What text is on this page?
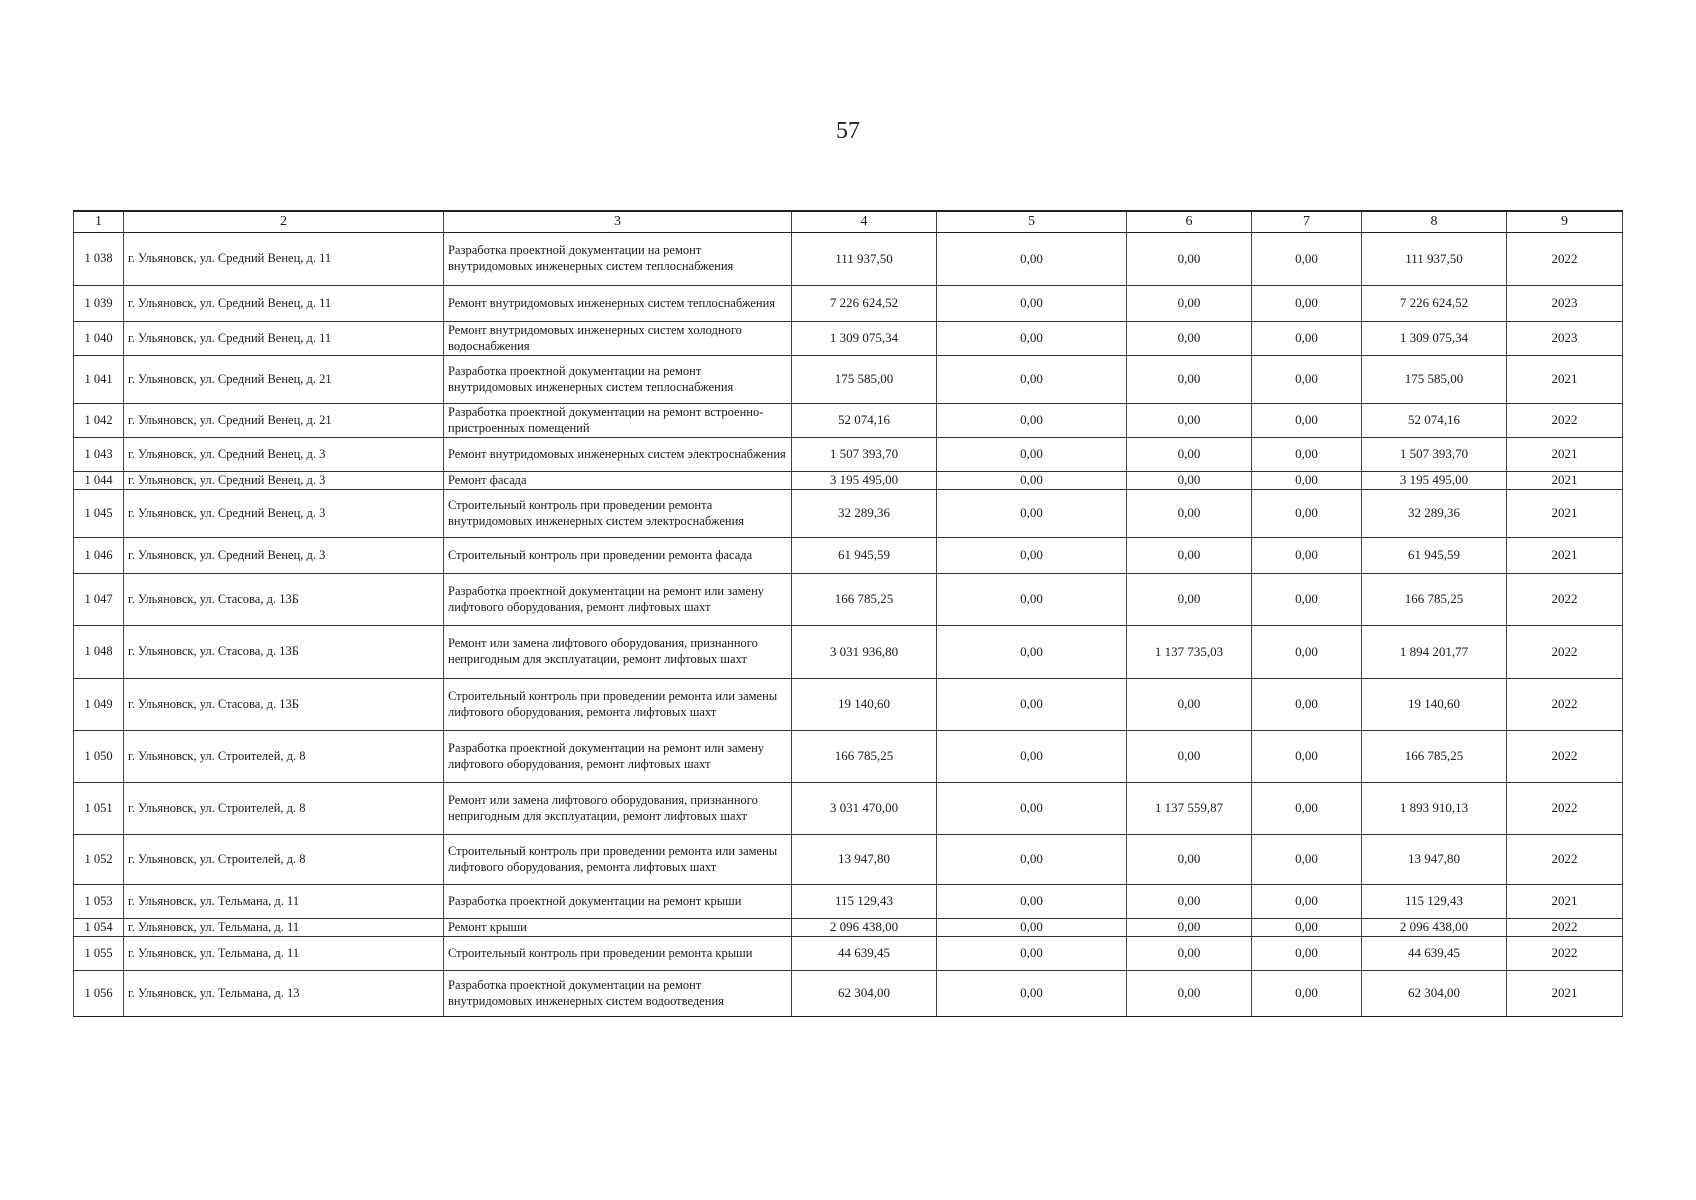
57
1	2	3	4	5	6	7	8	9
1 038	г. Ульяновск, ул. Средний Венец, д. 11	Разработка проектной документации на ремонт внутридомовых инженерных систем теплоснабжения	111 937,50	0,00	0,00	0,00	111 937,50	2022
1 039	г. Ульяновск, ул. Средний Венец, д. 11	Ремонт внутридомовых инженерных систем теплоснабжения	7 226 624,52	0,00	0,00	0,00	7 226 624,52	2023
1 040	г. Ульяновск, ул. Средний Венец, д. 11	Ремонт внутридомовых инженерных систем холодного водоснабжения	1 309 075,34	0,00	0,00	0,00	1 309 075,34	2023
1 041	г. Ульяновск, ул. Средний Венец, д. 21	Разработка проектной документации на ремонт внутридомовых инженерных систем теплоснабжения	175 585,00	0,00	0,00	0,00	175 585,00	2021
1 042	г. Ульяновск, ул. Средний Венец, д. 21	Разработка проектной документации на ремонт встроенно-пристроенных помещений	52 074,16	0,00	0,00	0,00	52 074,16	2022
1 043	г. Ульяновск, ул. Средний Венец, д. 3	Ремонт внутридомовых инженерных систем электроснабжения	1 507 393,70	0,00	0,00	0,00	1 507 393,70	2021
1 044	г. Ульяновск, ул. Средний Венец, д. 3	Ремонт фасада	3 195 495,00	0,00	0,00	0,00	3 195 495,00	2021
1 045	г. Ульяновск, ул. Средний Венец, д. 3	Строительный контроль при проведении ремонта внутридомовых инженерных систем электроснабжения	32 289,36	0,00	0,00	0,00	32 289,36	2021
1 046	г. Ульяновск, ул. Средний Венец, д. 3	Строительный контроль при проведении ремонта фасада	61 945,59	0,00	0,00	0,00	61 945,59	2021
1 047	г. Ульяновск, ул. Стасова, д. 13Б	Разработка проектной документации на ремонт или замену лифтового оборудования, ремонт лифтовых шахт	166 785,25	0,00	0,00	0,00	166 785,25	2022
1 048	г. Ульяновск, ул. Стасова, д. 13Б	Ремонт или замена лифтового оборудования, признанного непригодным для эксплуатации, ремонт лифтовых шахт	3 031 936,80	0,00	1 137 735,03	0,00	1 894 201,77	2022
1 049	г. Ульяновск, ул. Стасова, д. 13Б	Строительный контроль при проведении ремонта или замены лифтового оборудования, ремонта лифтовых шахт	19 140,60	0,00	0,00	0,00	19 140,60	2022
1 050	г. Ульяновск, ул. Строителей, д. 8	Разработка проектной документации на ремонт или замену лифтового оборудования, ремонт лифтовых шахт	166 785,25	0,00	0,00	0,00	166 785,25	2022
1 051	г. Ульяновск, ул. Строителей, д. 8	Ремонт или замена лифтового оборудования, признанного непригодным для эксплуатации, ремонт лифтовых шахт	3 031 470,00	0,00	1 137 559,87	0,00	1 893 910,13	2022
1 052	г. Ульяновск, ул. Строителей, д. 8	Строительный контроль при проведении ремонта или замены лифтового оборудования, ремонта лифтовых шахт	13 947,80	0,00	0,00	0,00	13 947,80	2022
1 053	г. Ульяновск, ул. Тельмана, д. 11	Разработка проектной документации на ремонт крыши	115 129,43	0,00	0,00	0,00	115 129,43	2021
1 054	г. Ульяновск, ул. Тельмана, д. 11	Ремонт крыши	2 096 438,00	0,00	0,00	0,00	2 096 438,00	2022
1 055	г. Ульяновск, ул. Тельмана, д. 11	Строительный контроль при проведении ремонта крыши	44 639,45	0,00	0,00	0,00	44 639,45	2022
1 056	г. Ульяновск, ул. Тельмана, д. 13	Разработка проектной документации на ремонт внутридомовых инженерных систем водоотведения	62 304,00	0,00	0,00	0,00	62 304,00	2021
